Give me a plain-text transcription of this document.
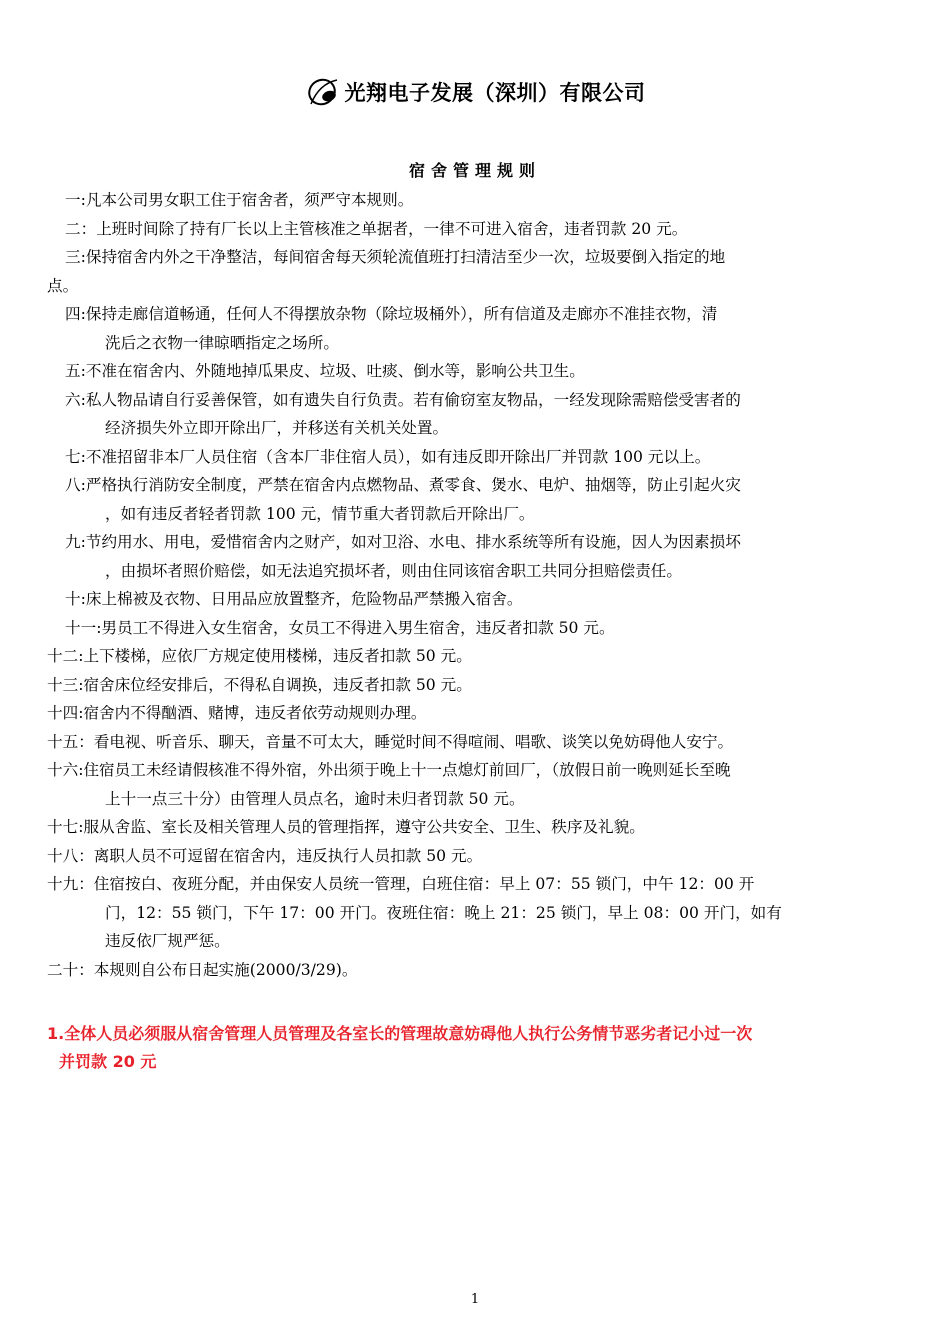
光翔电子发展（深圳）有限公司
宿舍管理规则
一: 凡本公司男女职工住于宿舍者，须严守本规则。
二： 上班时间除了持有厂长以上主管核准之单据者，一律不可进入宿舍，违者罚款 20 元。
三: 保持宿舍内外之干净整洁，每间宿舍每天须轮流值班打扫清洁至少一次，垃圾要倒入指定的地
点。
四: 保持走廊信道畅通，任何人不得摆放杂物（除垃圾桶外），所有信道及走廊亦不准挂衣物，清
洗后之衣物一律晾晒指定之场所。
五: 不准在宿舍内、外随地掉瓜果皮、垃圾、吐痰、倒水等，影响公共卫生。
六: 私人物品请自行妥善保管，如有遗失自行负责。若有偷窃室友物品，一经发现除需赔偿受害者的
经济损失外立即开除出厂，并移送有关机关处置。
七: 不准招留非本厂人员住宿（含本厂非住宿人员），如有违反即开除出厂并罚款 100 元以上。
八: 严格执行消防安全制度，严禁在宿舍内点燃物品、煮零食、煲水、电炉、抽烟等，防止引起火灾
，如有违反者轻者罚款 100 元，情节重大者罚款后开除出厂。
九: 节约用水、用电，爱惜宿舍内之财产，如对卫浴、水电、排水系统等所有设施，因人为因素损坏
，由损坏者照价赔偿，如无法追究损坏者，则由住同该宿舍职工共同分担赔偿责任。
十: 床上棉被及衣物、日用品应放置整齐，危险物品严禁搬入宿舍。
十一: 男员工不得进入女生宿舍，女员工不得进入男生宿舍，违反者扣款 50 元。
十二: 上下楼梯，应依厂方规定使用楼梯，违反者扣款 50 元。
十三: 宿舍床位经安排后，不得私自调换，违反者扣款 50 元。
十四: 宿舍内不得酗酒、赌博，违反者依劳动规则办理。
十五： 看电视、听音乐、聊天，音量不可太大，睡觉时间不得喧闹、唱歌、谈笑以免妨碍他人安宁。
十六: 住宿员工未经请假核准不得外宿，外出须于晚上十一点熄灯前回厂，（放假日前一晚则延长至晚
上十一点三十分）由管理人员点名，逾时未归者罚款 50 元。
十七: 服从舍监、室长及相关管理人员的管理指挥，遵守公共安全、卫生、秩序及礼貌。
十八： 离职人员不可逗留在宿舍内，违反执行人员扣款 50 元。
十九： 住宿按白、夜班分配，并由保安人员统一管理，白班住宿：早上 07：55 锁门，中午 12：00 开
门，12：55 锁门，下午 17：00 开门。夜班住宿：晚上 21：25 锁门，早上 08：00 开门，如有
违反依厂规严惩。
二十： 本规则自公布日起实施(2000/3/29)。
1.全体人员必须服从宿舍管理人员管理及各室长的管理故意妨碍他人执行公务情节恶劣者记小过一次
并罚款 20 元
1
